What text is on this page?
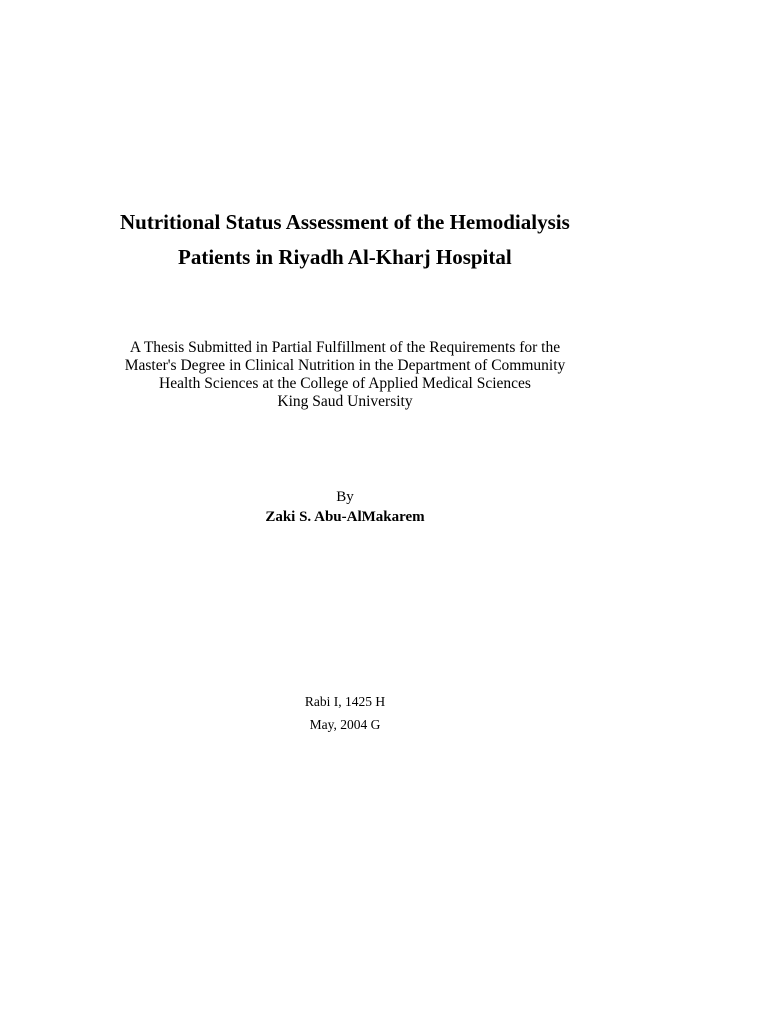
Nutritional Status Assessment of the Hemodialysis
Patients in Riyadh Al-Kharj Hospital
A Thesis Submitted in Partial Fulfillment of the Requirements for the
Master's Degree in Clinical Nutrition in the Department of Community
Health Sciences at the College of Applied Medical Sciences
King Saud University
By
Zaki S. Abu-AlMakarem
Rabi I, 1425 H
May, 2004 G
